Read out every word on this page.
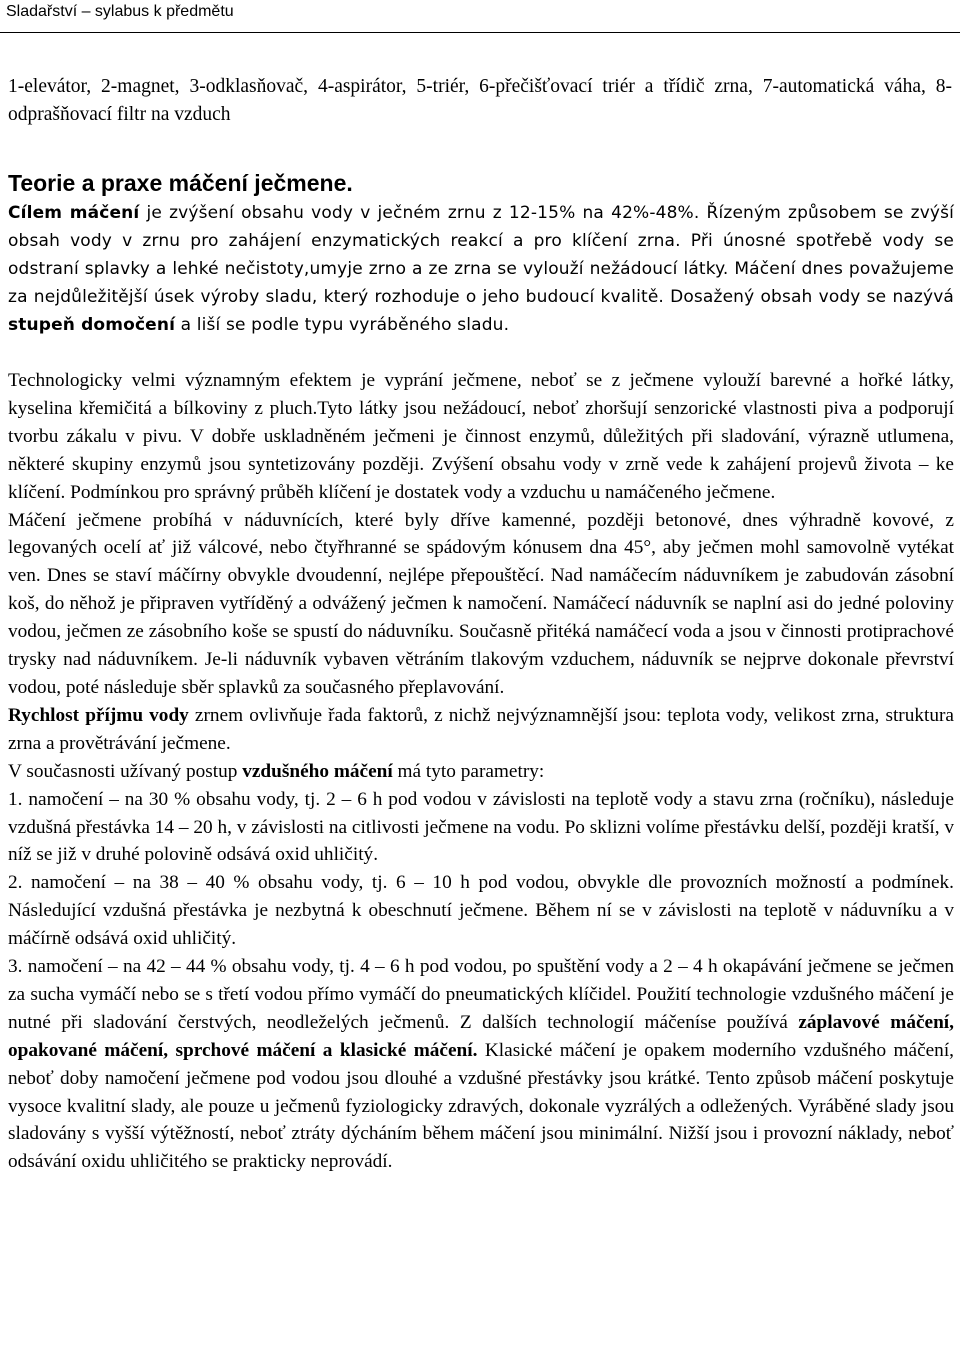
Sladařství – sylabus k předmětu
1-elevátor, 2-magnet, 3-odklasňovač, 4-aspirátor, 5-triér, 6-přečišťovací triér a třídič zrna, 7-automatická váha, 8-odprašňovací filtr na vzduch
Teorie a praxe máčení ječmene.

Cílem máčení je zvýšení obsahu vody v ječném zrnu z 12-15% na 42%-48%. Řízeným způsobem se zvýší obsah vody v zrnu pro zahájení enzymatických reakcí a pro klíčení zrna. Při únosné spotřebě vody se odstraní splavky a lehké nečistoty,umyje zrno a ze zrna se vylouží nežádoucí látky. Máčení dnes považujeme za nejdůležitější úsek výroby sladu, který rozhoduje o jeho budoucí kvalitě. Dosažený obsah vody se nazývá stupeň domočení a liší se podle typu vyráběného sladu.

Technologicky velmi významným efektem je vyprání ječmene, neboť se z ječmene vylouží barevné a hořké látky, kyselina křemičitá a bílkoviny z pluch.Tyto látky jsou nežádoucí, neboť zhoršují senzorické vlastnosti piva a podporují tvorbu zákalu v pivu. V dobře uskladněném ječmeni je činnost enzymů, důležitých při sladování, výrazně utlumena, některé skupiny enzymů jsou syntetizovány později. Zvýšení obsahu vody v zrně vede k zahájení projevů života – ke klíčení. Podmínkou pro správný průběh klíčení je dostatek vody a vzduchu u namáčeného ječmene.

Máčení ječmene probíhá v náduvnících, které byly dříve kamenné, později betonové, dnes výhradně kovové, z legovaných ocelí ať již válcové, nebo čtyřhranné se spádovým kónusem dna 45°, aby ječmen mohl samovolně vytékat ven. Dnes se staví máčírny obvykle dvoudenní, nejlépe přepouštěcí. Nad namáčecím náduvníkem je zabudován zásobní koš, do něhož je připraven vytříděný a odvážený ječmen k namočení. Namáčecí náduvník se naplní asi do jedné poloviny vodou, ječmen ze zásobního koše se spustí do náduvníku. Současně přitéká namáčecí voda a jsou v činnosti protiprachové trysky nad náduvníkem. Je-li náduvník vybaven větráním tlakovým vzduchem, náduvník se nejprve dokonale převrství vodou, poté následuje sběr splavků za současného přeplavování.

Rychlost příjmu vody zrnem ovlivňuje řada faktorů, z nichž nejvýznamnější jsou: teplota vody, velikost zrna, struktura zrna a provětrávání ječmene.

V současnosti užívaný postup vzdušného máčení má tyto parametry:

1. namočení – na 30 % obsahu vody, tj. 2 – 6 h pod vodou v závislosti na teplotě vody a stavu zrna (ročníku), následuje vzdušná přestávka 14 – 20 h, v závislosti na citlivosti ječmene na vodu. Po sklizni volíme přestávku delší, později kratší, v níž se již v druhé polovině odsává oxid uhličitý.

2. namočení – na 38 – 40 % obsahu vody, tj. 6 – 10 h pod vodou, obvykle dle provozních možností a podmínek. Následující vzdušná přestávka je nezbytná k obeschnutí ječmene. Během ní se v závislosti na teplotě v náduvníku a v máčírně odsává oxid uhličitý.

3. namočení – na 42 – 44 % obsahu vody, tj. 4 – 6 h pod vodou, po spuštění vody a 2 – 4 h okapávání ječmene se ječmen za sucha vymáčí nebo se s třetí vodou přímo vymáčí do pneumatických klíčidel. Použití technologie vzdušného máčení je nutné při sladování čerstvých, neodleželých ječmenů. Z dalších technologií máčeníse používá záplavové máčení, opakované máčení, sprchové máčení a klasické máčení. Klasické máčení je opakem moderního vzdušného máčení, neboť doby namočení ječmene pod vodou jsou dlouhé a vzdušné přestávky jsou krátké. Tento způsob máčení poskytuje vysoce kvalitní slady, ale pouze u ječmenů fyziologicky zdravých, dokonale vyzrálých a odležených. Vyráběné slady jsou sladovány s vyšší výtěžností, neboť ztráty dýcháním během máčení jsou minimální. Nižší jsou i provozní náklady, neboť odsávání oxidu uhličitého se prakticky neprovádí.
